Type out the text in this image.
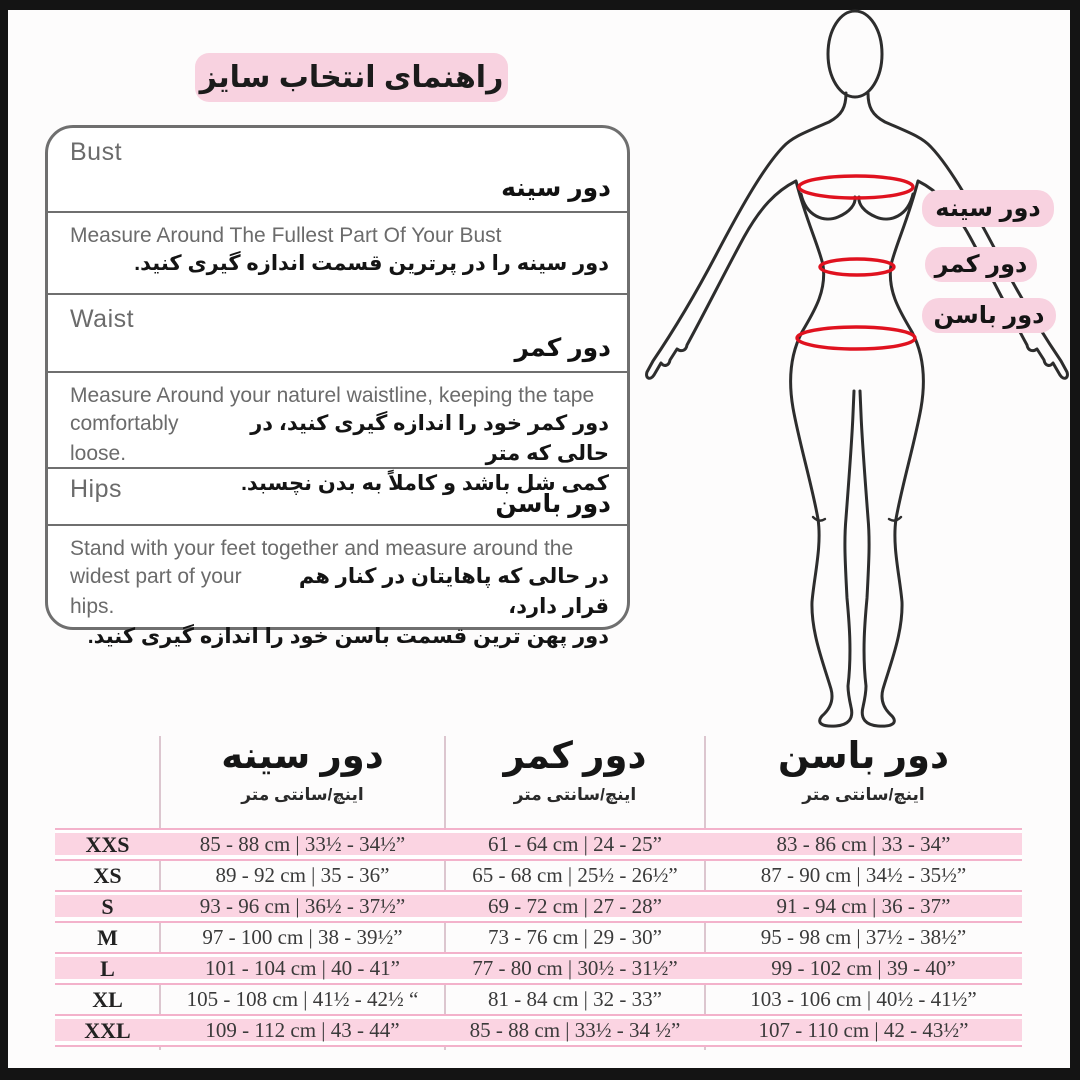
راهنمای انتخاب سایز
Bust
دور سینه
Measure Around The Fullest Part Of Your Bust
دور سینه را در پرترین قسمت اندازه گیری کنید.
Waist
دور کمر
Measure Around your naturel waistline, keeping the tape
comfortably loose.
دور کمر خود را اندازه گیری کنید، در حالی که متر
کمی شل باشد و کاملاً به بدن نچسبد.
Hips
دور باسن
Stand with your feet together and measure around the
widest part of your hips.
در حالی که پاهایتان در کنار هم قرار دارد،
دور پهن ترین قسمت باسن خود را اندازه گیری کنید.
دور سینه
دور کمر
دور باسن
دور سینه
اینچ/سانتی متر
دور کمر
اینچ/سانتی متر
دور باسن
اینچ/سانتی متر
XXS	85 - 88 cm | 33½ - 34½”	61 - 64 cm | 24 - 25”	83 - 86 cm | 33 - 34”
XS	89 - 92 cm | 35 - 36”	65 - 68 cm | 25½ - 26½”	87 - 90 cm | 34½ - 35½”
S	93 - 96 cm | 36½ - 37½”	69 - 72 cm | 27 - 28”	91 - 94 cm | 36 - 37”
M	97 - 100 cm | 38 - 39½”	73 - 76 cm | 29 - 30”	95 - 98 cm | 37½ - 38½”
L	101 - 104 cm | 40 - 41”	77 - 80 cm | 30½ - 31½”	99 - 102 cm | 39 - 40”
XL	105 - 108 cm | 41½ - 42½ “	81 - 84 cm | 32 - 33”	103 - 106 cm | 40½ - 41½”
XXL	109 - 112 cm | 43 - 44”	85 - 88 cm | 33½ - 34 ½”	107 - 110 cm | 42 - 43½”
